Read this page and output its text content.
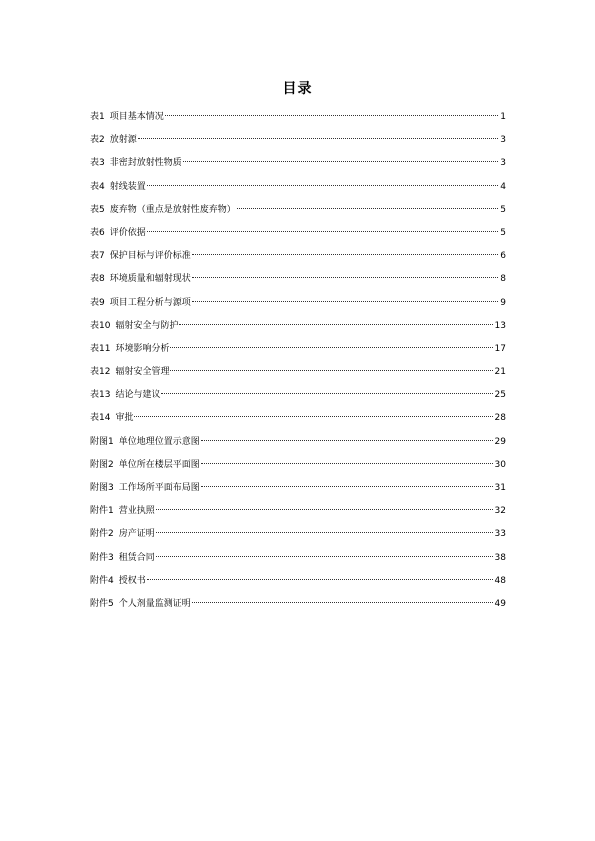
目录
表1 项目基本情况	1
表2 放射源	3
表3 非密封放射性物质	3
表4 射线装置	4
表5 废弃物（重点是放射性废弃物）	5
表6 评价依据	5
表7 保护目标与评价标准	6
表8 环境质量和辐射现状	8
表9 项目工程分析与源项	9
表10 辐射安全与防护	13
表11 环境影响分析	17
表12 辐射安全管理	21
表13 结论与建议	25
表14 审批	28
附图1 单位地理位置示意图	29
附图2 单位所在楼层平面图	30
附图3 工作场所平面布局图	31
附件1 营业执照	32
附件2 房产证明	33
附件3 租赁合同	38
附件4 授权书	48
附件5 个人剂量监测证明	49
